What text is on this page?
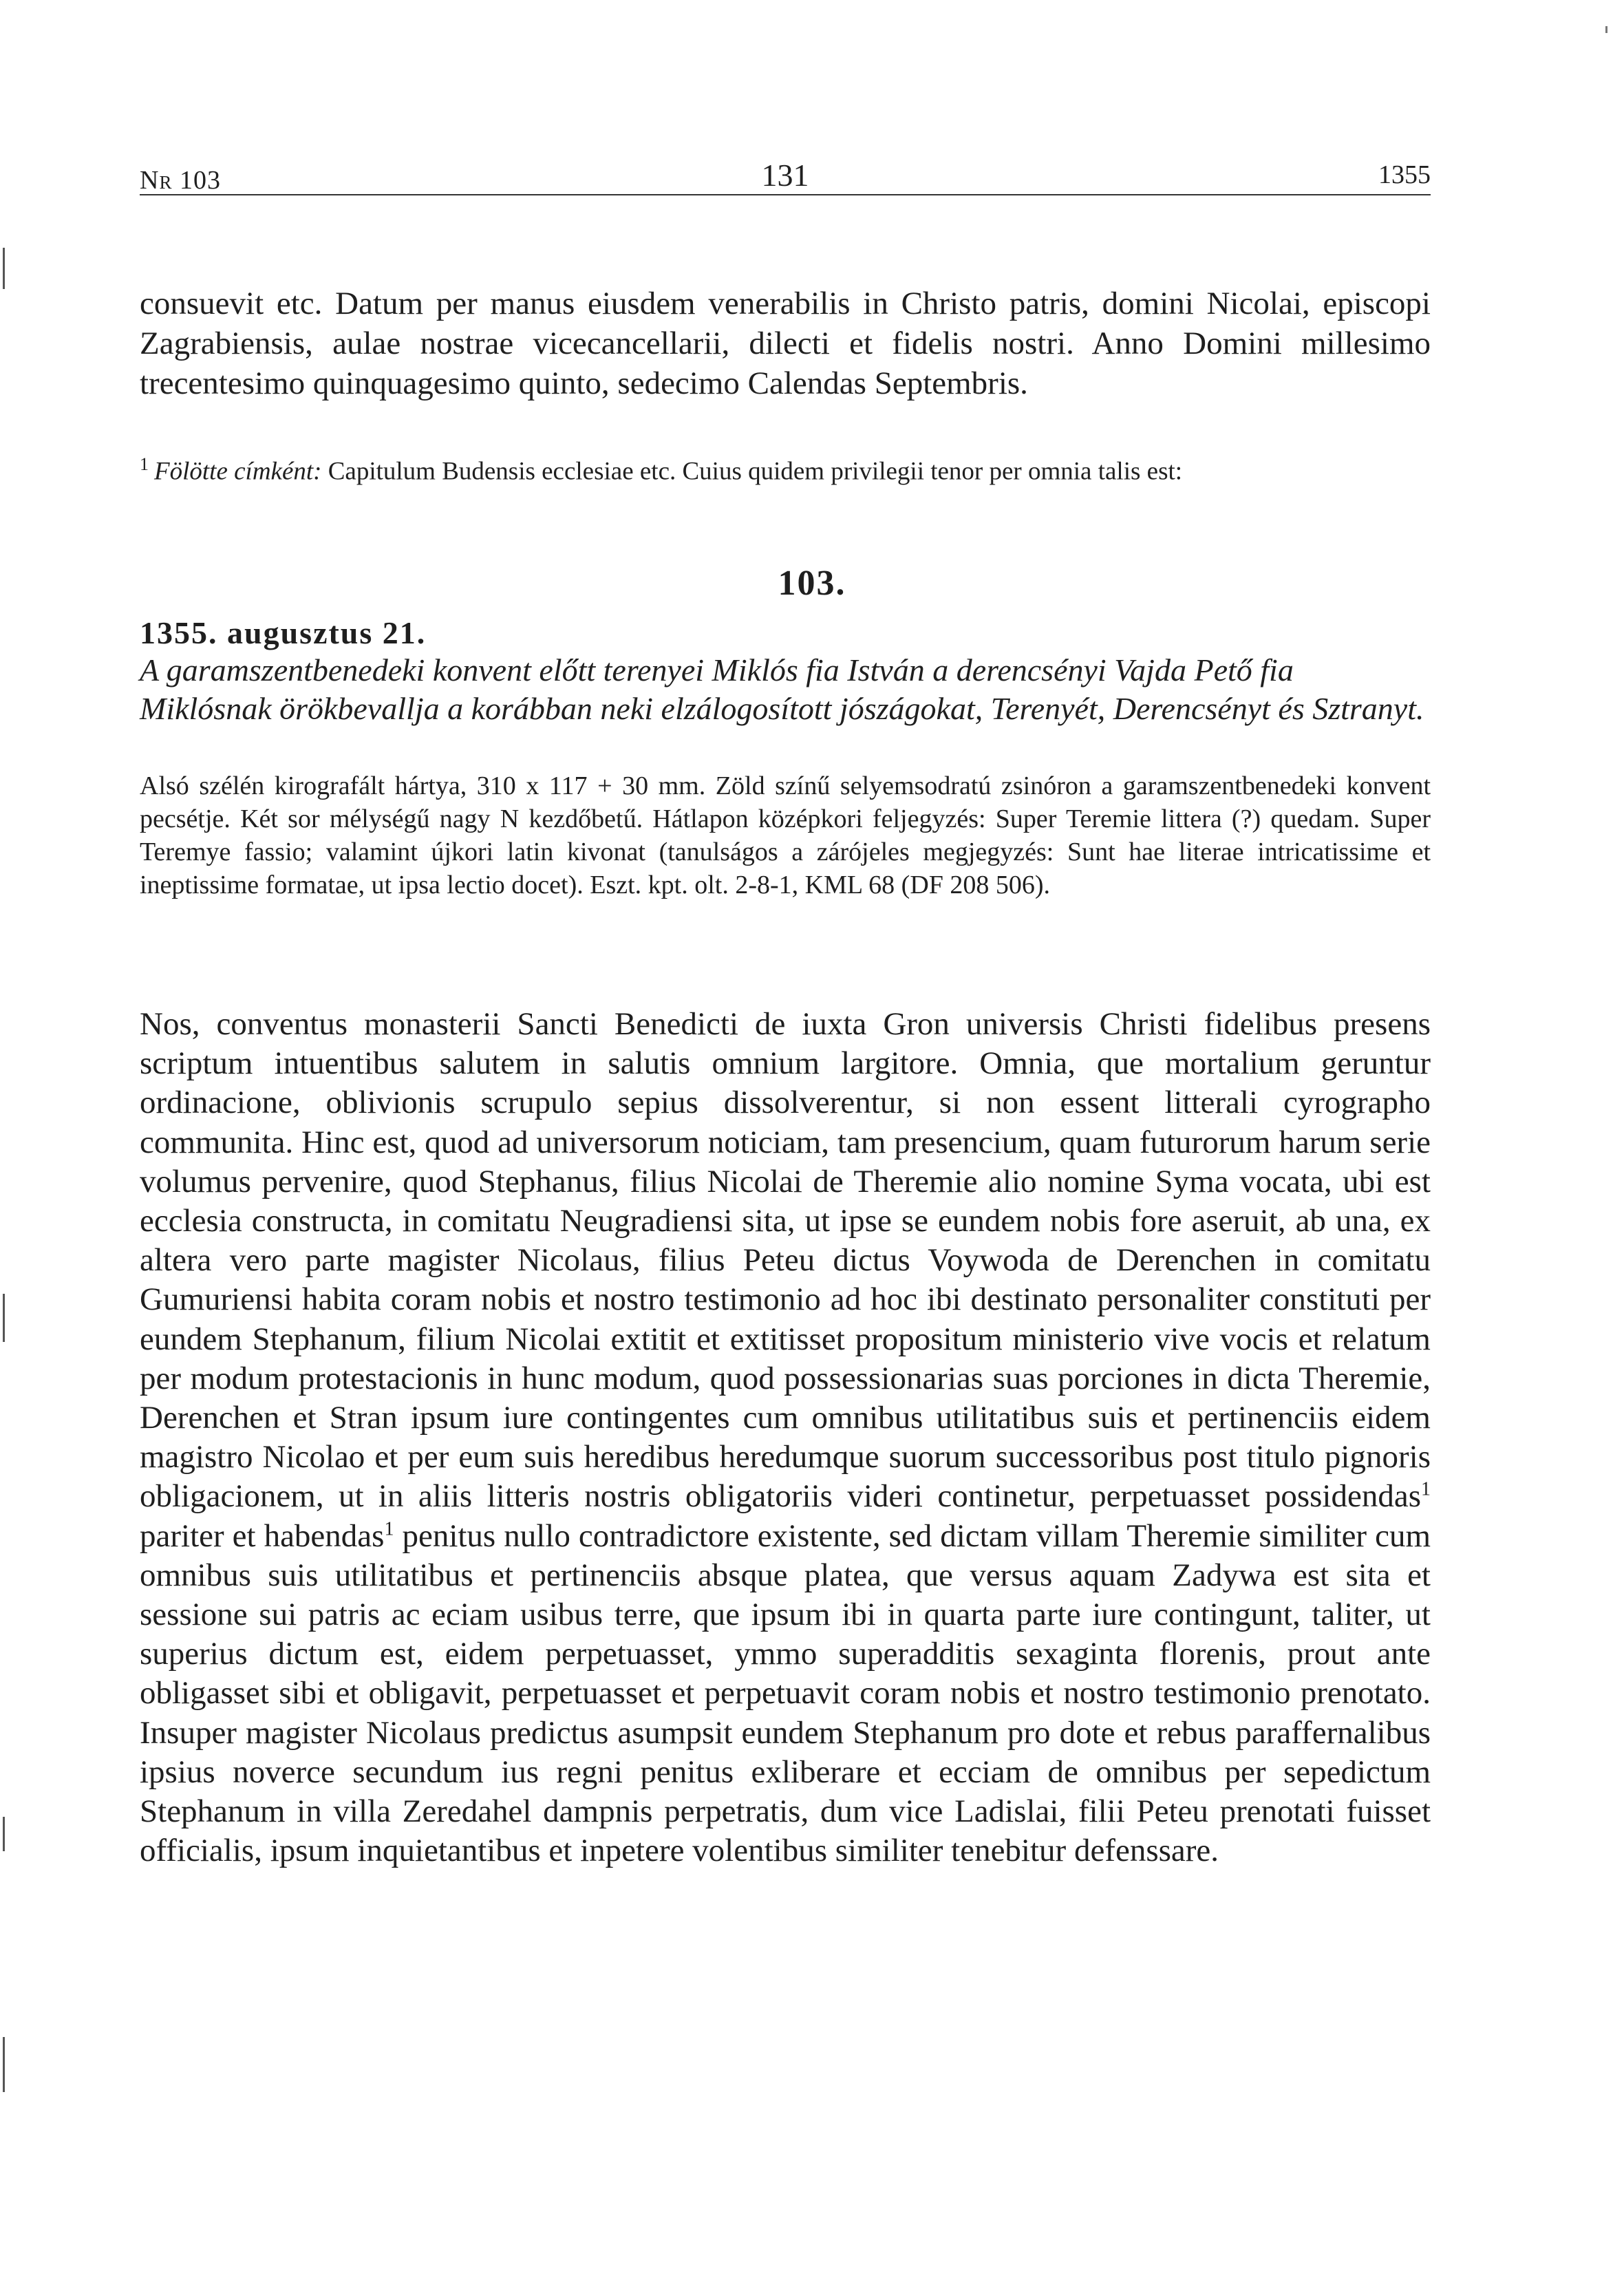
Nr 103	131	1355
consuevit etc. Datum per manus eiusdem venerabilis in Christo patris, domini Nicolai, episcopi Zagrabiensis, aulae nostrae vicecancellarii, dilecti et fidelis nostri. Anno Domini millesimo trecentesimo quinquagesimo quinto, sedecimo Calendas Septembris.
$^1$ Fölötte címként: Capitulum Budensis ecclesiae etc. Cuius quidem privilegii tenor per omnia talis est:
103.
1355. augusztus 21.
A garamszentbenedeki konvent előtt terenyei Miklós fia István a derencsényi Vajda Pető fia Miklósnak örökbevallja a korábban neki elzálogosított jószágokat, Terenyét, Derencsényt és Sztranyt.
Alsó szélén kirografált hártya, 310 x 117 + 30 mm. Zöld színű selyemsodratú zsinóron a garamszentbenedeki konvent pecsétje. Két sor mélységű nagy N kezdőbetű. Hátlapon középkori feljegyzés: Super Teremie littera (?) quedam. Super Teremye fassio; valamint újkori latin kivonat (tanulságos a zárójeles megjegyzés: Sunt hae literae intricatissime et ineptissime formatae, ut ipsa lectio docet). Eszt. kpt. olt. 2-8-1, KML 68 (DF 208 506).
Nos, conventus monasterii Sancti Benedicti de iuxta Gron universis Christi fidelibus presens scriptum intuentibus salutem in salutis omnium largitore. Omnia, que mortalium geruntur ordinacione, oblivionis scrupulo sepius dissolverentur, si non essent litterali cyrographo communita. Hinc est, quod ad universorum noticiam, tam presencium, quam futurorum harum serie volumus pervenire, quod Stephanus, filius Nicolai de Theremie alio nomine Syma vocata, ubi est ecclesia constructa, in comitatu Neugradiensi sita, ut ipse se eundem nobis fore aseruit, ab una, ex altera vero parte magister Nicolaus, filius Peteu dictus Voywoda de Derenchen in comitatu Gumuriensi habita coram nobis et nostro testimonio ad hoc ibi destinato personaliter constituti per eundem Stephanum, filium Nicolai extitit et extitisset propositum ministerio vive vocis et relatum per modum protestacionis in hunc modum, quod possessionarias suas porciones in dicta Theremie, Derenchen et Stran ipsum iure contingentes cum omnibus utilitatibus suis et pertinenciis eidem magistro Nicolao et per eum suis heredibus heredumque suorum successoribus post titulo pignoris obligacionem, ut in aliis litteris nostris obligatoriis videri continetur, perpetuasset possidendas$^1$ pariter et habendas$^1$ penitus nullo contradictore existente, sed dictam villam Theremie similiter cum omnibus suis utilitatibus et pertinenciis absque platea, que versus aquam Zadywa est sita et sessione sui patris ac eciam usibus terre, que ipsum ibi in quarta parte iure contingunt, taliter, ut superius dictum est, eidem perpetuasset, ymmo superadditis sexaginta florenis, prout ante obligasset sibi et obligavit, perpetuasset et perpetuavit coram nobis et nostro testimonio prenotato. Insuper magister Nicolaus predictus asumpsit eundem Stephanum pro dote et rebus paraffernalibus ipsius noverce secundum ius regni penitus exliberare et ecciam de omnibus per sepedictum Stephanum in villa Zeredahel dampnis perpetratis, dum vice Ladislai, filii Peteu prenotati fuisset officialis, ipsum inquietantibus et inpetere volentibus similiter tenebitur defenssare.
